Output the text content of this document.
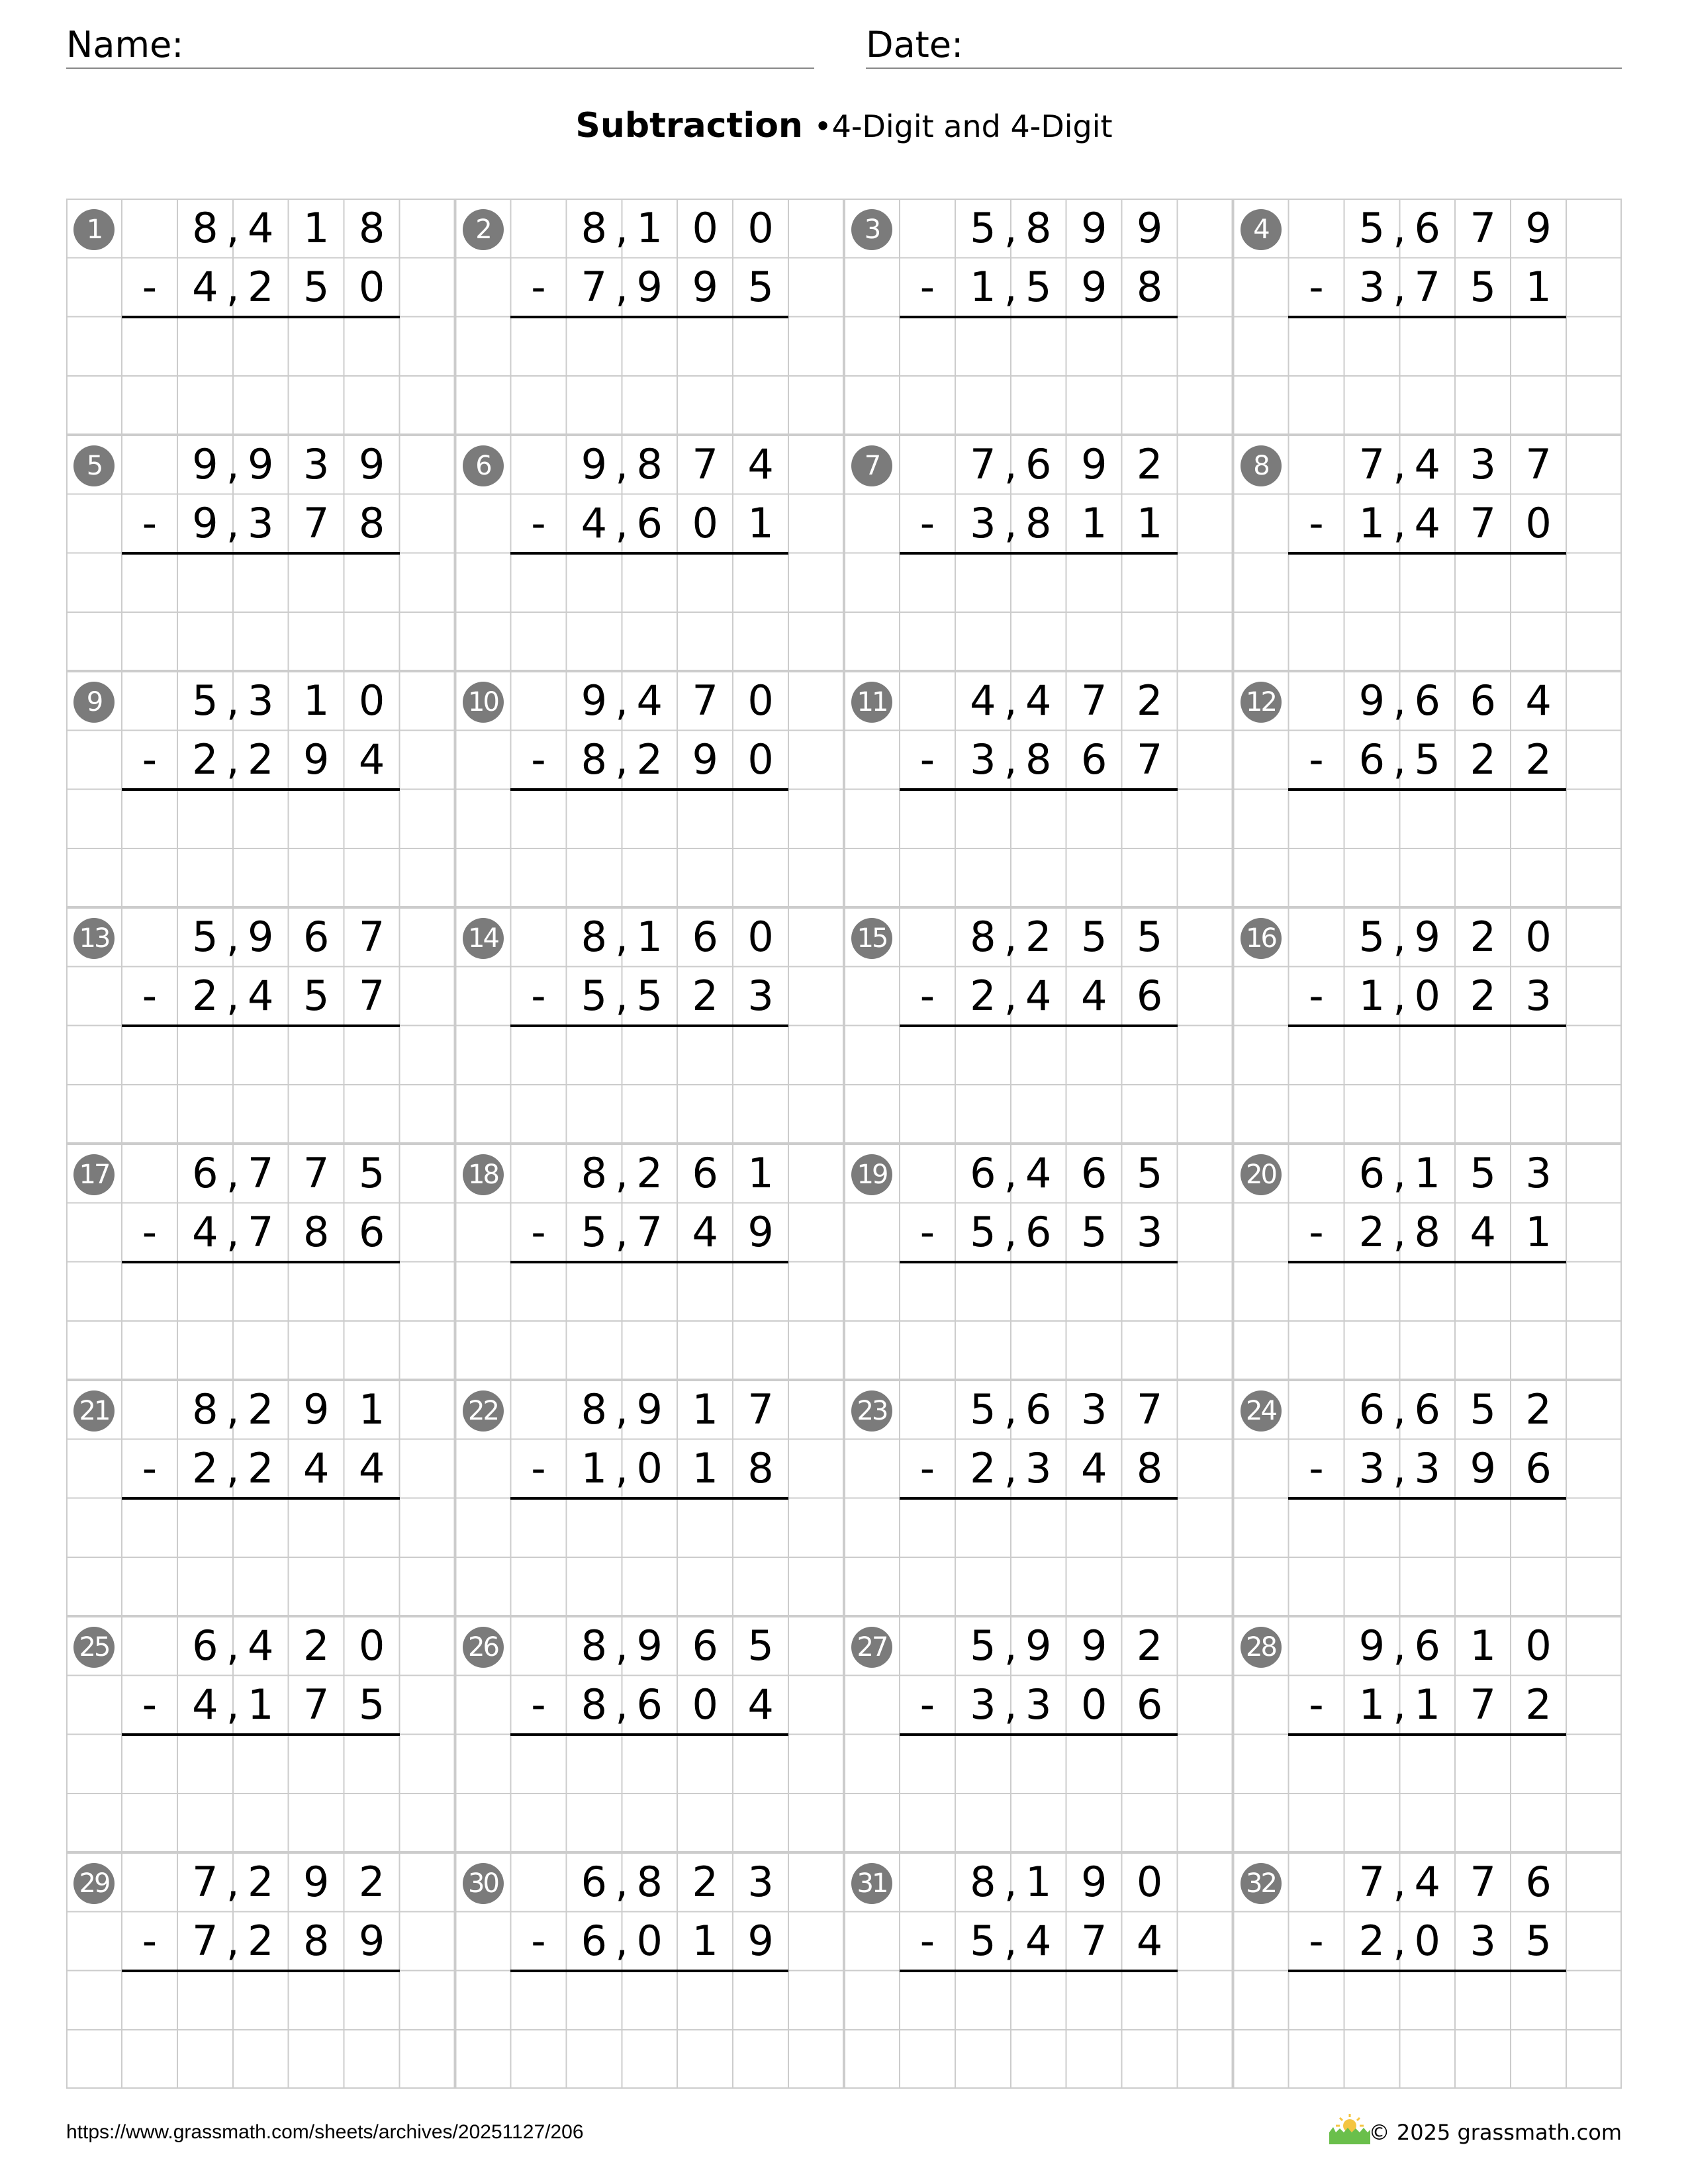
Name:	Date:
Subtraction •4-Digit and 4-Digit
1	8 4 1 8
,
4 2 5 0
,
-
2	8 1 0 0
,
7 9 9 5
,
-
3	5 8 9 9
,
1 5 9 8
,
-
4	5 6 7 9
,
3 7 5 1
,
-
5	9 9 3 9
,
9 3 7 8
,
-
6	9 8 7 4
,
4 6 0 1
,
-
7	7 6 9 2
,
3 8 1 1
,
-
8	7 4 3 7
,
1 4 7 0
,
-
9	5 3 1 0
,
2 2 9 4
,
-
10	9 4 7 0
,
8 2 9 0
,
-
11	4 4 7 2
,
3 8 6 7
,
-
12	9 6 6 4
,
6 5 2 2
,
-
13	5 9 6 7
,
2 4 5 7
,
-
14	8 1 6 0
,
5 5 2 3
,
-
15	8 2 5 5
,
2 4 4 6
,
-
16	5 9 2 0
,
1 0 2 3
,
-
17	6 7 7 5
,
4 7 8 6
,
-
18	8 2 6 1
,
5 7 4 9
,
-
19	6 4 6 5
,
5 6 5 3
,
-
20	6 1 5 3
,
2 8 4 1
,
-
21	8 2 9 1
,
2 2 4 4
,
-
22	8 9 1 7
,
1 0 1 8
,
-
23	5 6 3 7
,
2 3 4 8
,
-
24	6 6 5 2
,
3 3 9 6
,
-
25	6 4 2 0
,
4 1 7 5
,
-
26	8 9 6 5
,
8 6 0 4
,
-
27	5 9 9 2
,
3 3 0 6
,
-
28	9 6 1 0
,
1 1 7 2
,
-
29	7 2 9 2
,
7 2 8 9
,
-
30	6 8 2 3
,
6 0 1 9
,
-
31	8 1 9 0
,
5 4 7 4
,
-
32	7 4 7 6
,
2 0 3 5
,
-
https://www.grassmath.com/sheets/archives/20251127/206	© 2025 grassmath.com
